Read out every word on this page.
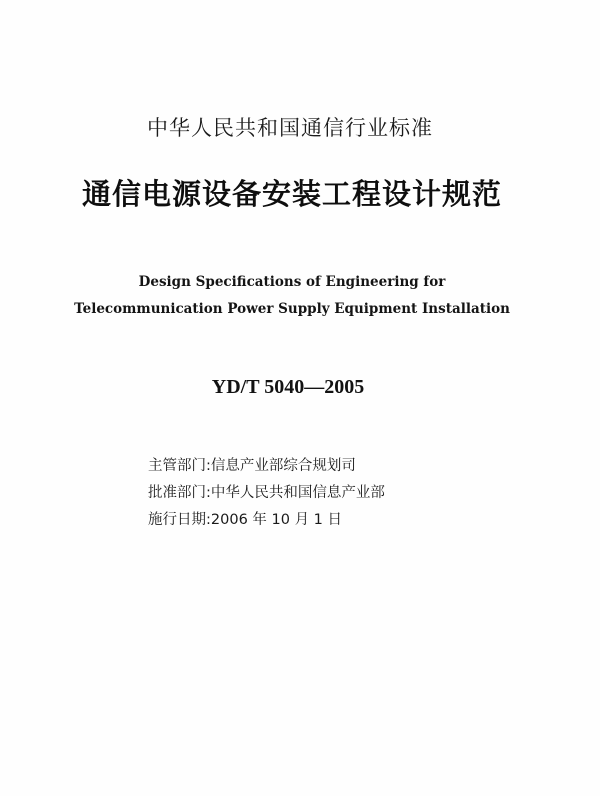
中华人民共和国通信行业标准
通信电源设备安装工程设计规范
Design Specifications of Engineering for
Telecommunication Power Supply Equipment Installation
YD/T 5040—2005
主管部门:信息产业部综合规划司
批准部门:中华人民共和国信息产业部
施行日期:2006 年 10 月 1 日
